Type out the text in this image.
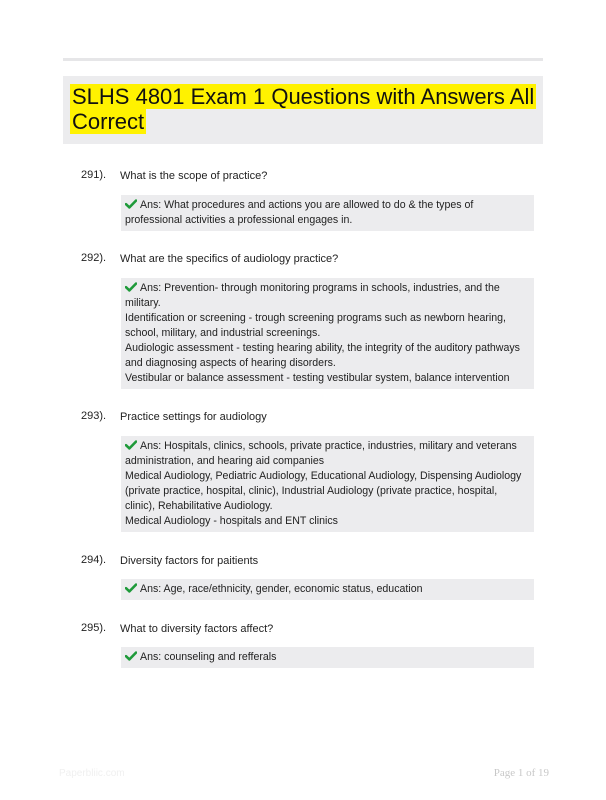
SLHS 4801 Exam 1 Questions with Answers All Correct
291). What is the scope of practice?
Ans: What procedures and actions you are allowed to do & the types of professional activities a professional engages in.
292). What are the specifics of audiology practice?
Ans: Prevention- through monitoring programs in schools, industries, and the military.
Identification or screening - trough screening programs such as newborn hearing, school, military, and industrial screenings.
Audiologic assessment - testing hearing ability, the integrity of the auditory pathways and diagnosing aspects of hearing disorders.
Vestibular or balance assessment - testing vestibular system, balance intervention
293). Practice settings for audiology
Ans: Hospitals, clinics, schools, private practice, industries, military and veterans administration, and hearing aid companies
Medical Audiology, Pediatric Audiology, Educational Audiology, Dispensing Audiology (private practice, hospital, clinic), Industrial Audiology (private practice, hospital, clinic), Rehabilitative Audiology.
Medical Audiology - hospitals and ENT clinics
294). Diversity factors for paitients
Ans: Age, race/ethnicity, gender, economic status, education
295). What to diversity factors affect?
Ans: counseling and refferals
Paperbliic.com	Page 1 of 19
